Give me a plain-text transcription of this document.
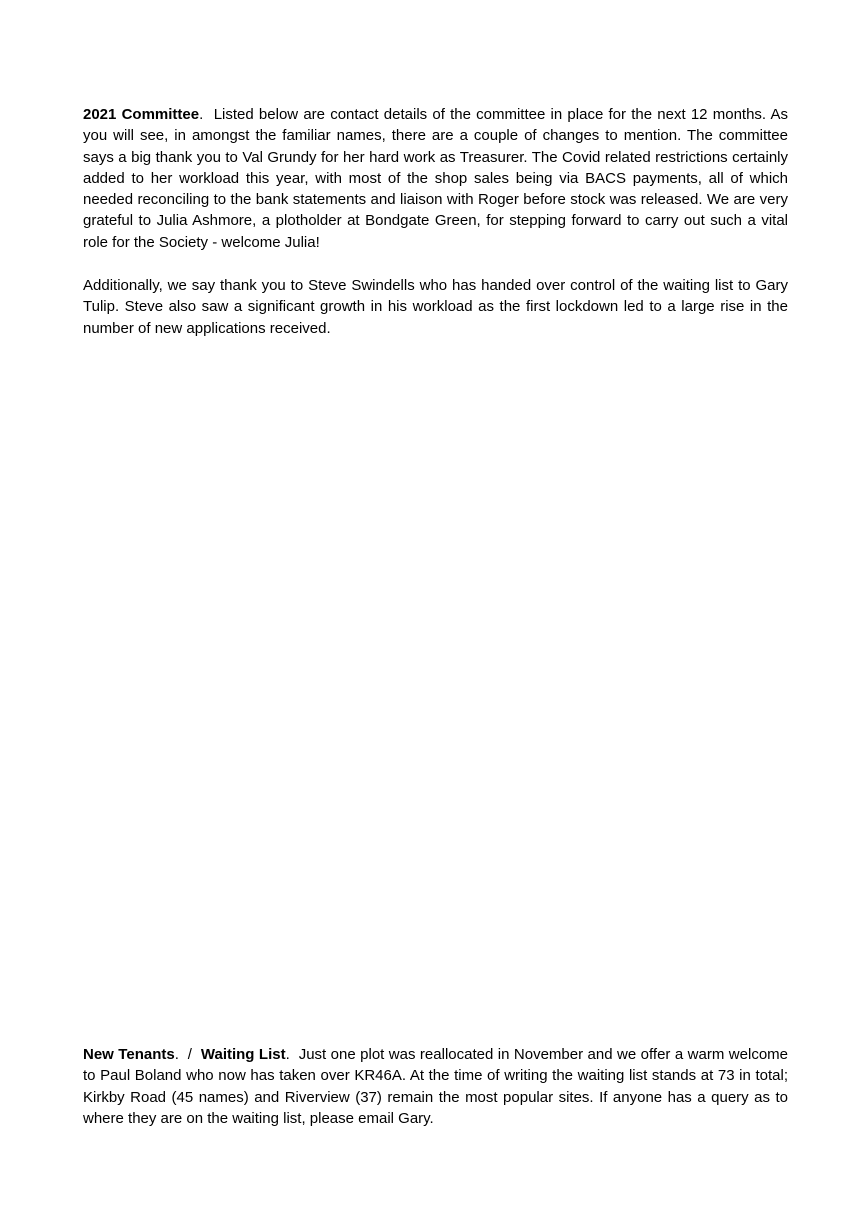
2021 Committee. Listed below are contact details of the committee in place for the next 12 months. As you will see, in amongst the familiar names, there are a couple of changes to mention. The committee says a big thank you to Val Grundy for her hard work as Treasurer. The Covid related restrictions certainly added to her workload this year, with most of the shop sales being via BACS payments, all of which needed reconciling to the bank statements and liaison with Roger before stock was released. We are very grateful to Julia Ashmore, a plotholder at Bondgate Green, for stepping forward to carry out such a vital role for the Society - welcome Julia!

Additionally, we say thank you to Steve Swindells who has handed over control of the waiting list to Gary Tulip. Steve also saw a significant growth in his workload as the first lockdown led to a large rise in the number of new applications received.

New Tenants.  /  Waiting List. Just one plot was reallocated in November and we offer a warm welcome to Paul Boland who now has taken over KR46A. At the time of writing the waiting list stands at 73 in total; Kirkby Road (45 names) and Riverview (37) remain the most popular sites. If anyone has a query as to where they are on the waiting list, please email Gary.
